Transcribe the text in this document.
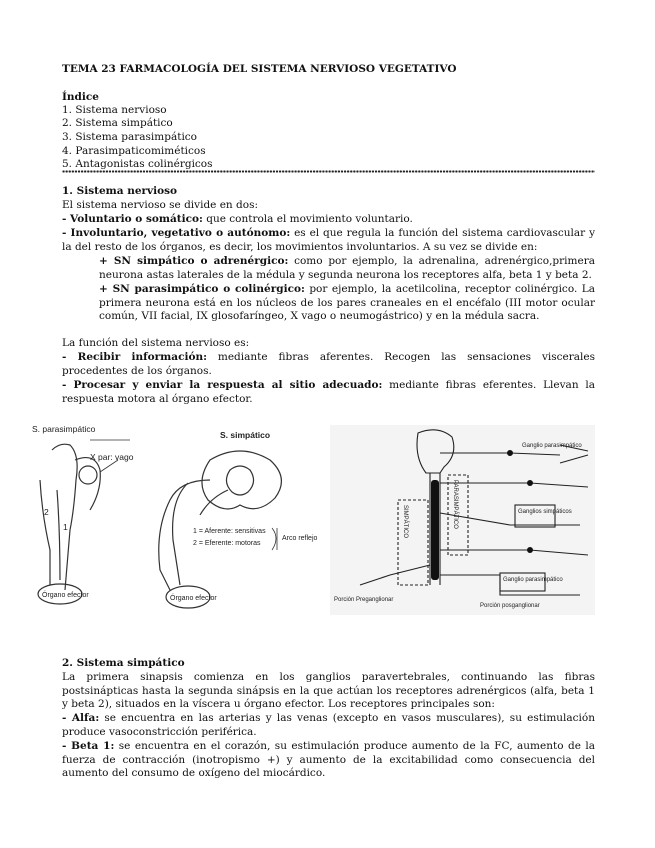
TEMA 23 FARMACOLOGÍA DEL SISTEMA NERVIOSO VEGETATIVO
Índice
1. Sistema nervioso
2. Sistema simpático
3. Sistema parasimpático
4. Parasimpaticomiméticos
5. Antagonistas colinérgicos
1. Sistema nervioso
El sistema nervioso se divide en dos:
- Voluntario o somático: que controla el movimiento voluntario.
- Involuntario, vegetativo o autónomo: es el que regula la función del sistema cardiovascular y la del resto de los órganos, es decir, los movimientos involuntarios. A su vez se divide en:
+ SN simpático o adrenérgico: como por ejemplo, la adrenalina, adrenérgico,primera neurona astas laterales de la médula y segunda neurona los receptores alfa, beta 1 y beta 2.
+ SN parasimpático o colinérgico: por ejemplo, la acetilcolina, receptor colinérgico. La primera neurona está en los núcleos de los pares craneales en el encéfalo (III motor ocular común, VII facial, IX glosofaríngeo, X vago o neumogástrico) y en la médula sacra.
La función del sistema nervioso es:
- Recibir información: mediante fibras aferentes. Recogen las sensaciones viscerales procedentes de los órganos.
- Procesar y enviar la respuesta al sitio adecuado: mediante fibras eferentes. Llevan la respuesta motora al órgano efector.
S. parasimpático
X par: vago
S. simpático
1 = Aferente: sensitivas
2 = Eferente: motoras
Arco reflejo
Órgano efector	Órgano efector
2
1
Ganglio parasimpático
Ganglios simpáticos
Ganglio parasimpático
SIMPÁTICO	PARASIMPÁTICO
Porción Preganglionar
Porción posganglionar
2. Sistema simpático
La primera sinapsis comienza en los ganglios paravertebrales, continuando las fibras postsinápticas hasta la segunda sinápsis en la que actúan los receptores adrenérgicos (alfa, beta 1 y beta 2), situados en la víscera u órgano efector. Los receptores principales son:
- Alfa: se encuentra en las arterias y las venas (excepto en vasos musculares), su estimulación produce vasoconstricción periférica.
- Beta 1: se encuentra en el corazón, su estimulación produce aumento de la FC, aumento de la fuerza de contracción (inotropismo +) y aumento de la excitabilidad como consecuencia del aumento del consumo de oxígeno del miocárdico.
